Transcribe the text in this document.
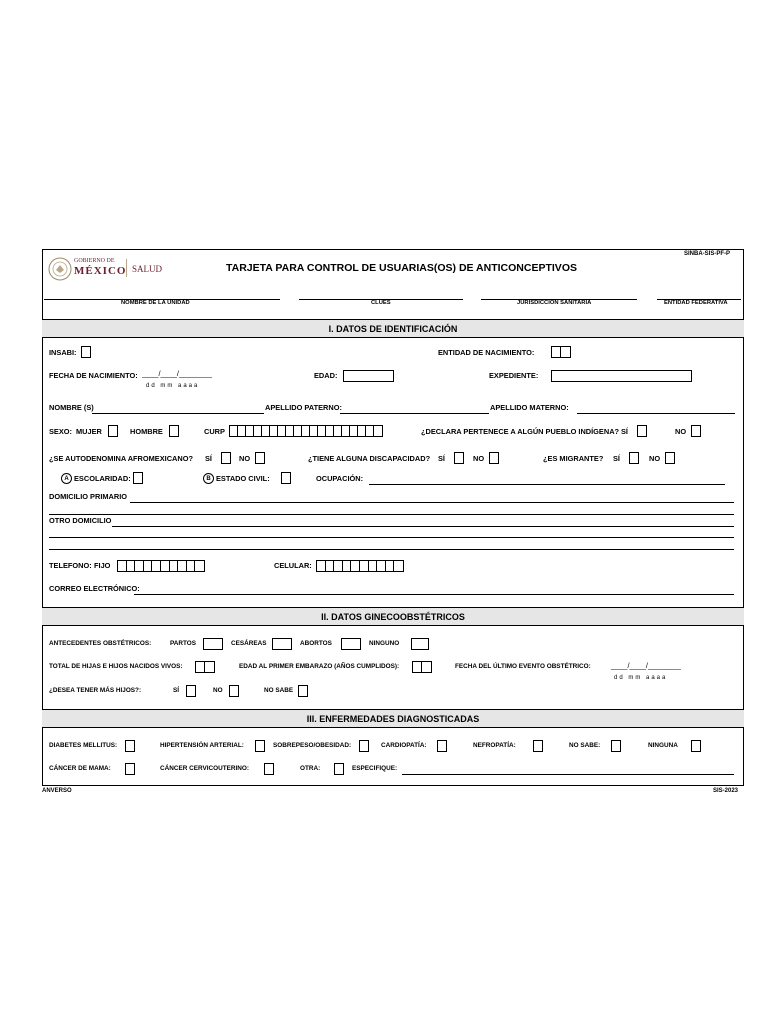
SINBA-SIS-PF-P
GOBIERNO DE
MÉXICO SALUD	TARJETA PARA CONTROL DE USUARIAS(OS) DE ANTICONCEPTIVOS
NOMBRE DE LA UNIDAD	CLUES	JURISDICCION SANITARIA	ENTIDAD FEDERATIVA
I. DATOS DE IDENTIFICACIÓN
INSABI:	ENTIDAD DE NACIMIENTO:
FECHA DE NACIMIENTO: ____/____/________
dd mm aaaa
EDAD:	EXPEDIENTE:
NOMBRE (S)	APELLIDO PATERNO:	APELLIDO MATERNO:
SEXO: MUJER	HOMBRE	CURP	¿DECLARA PERTENECE A ALGÚN PUEBLO INDÍGENA? SÍ	NO
¿SE AUTODENOMINA AFROMEXICANO? SÍ	NO	¿TIENE ALGUNA DISCAPACIDAD? SÍ	NO	¿ES MIGRANTE? SÍ	NO
A ESCOLARIDAD:	B ESTADO CIVIL:	OCUPACIÓN:
DOMICILIO PRIMARIO
OTRO DOMICILIO
TELEFONO: FIJO	CELULAR:
CORREO ELECTRÓNICO:
II. DATOS GINECOOBSTÉTRICOS
ANTECEDENTES OBSTÉTRICOS:	PARTOS	CESÁREAS	ABORTOS	NINGUNO
TOTAL DE HIJAS E HIJOS NACIDOS VIVOS:	EDAD AL PRIMER EMBARAZO (AÑOS CUMPLIDOS):	FECHA DEL ÚLTIMO EVENTO OBSTÉTRICO:	____/____/________
dd mm aaaa
¿DESEA TENER MÁS HIJOS?:	SÍ	NO	NO SABE
III. ENFERMEDADES DIAGNOSTICADAS
DIABETES MELLITUS:	HIPERTENSIÓN ARTERIAL:	SOBREPESO/OBESIDAD:	CARDIOPATÍA:	NEFROPATÍA:	NO SABE:	NINGUNA
CÁNCER DE MAMA:	CÁNCER CERVICOUTERINO:	OTRA:	ESPECIFIQUE:
ANVERSO	SIS-2023
